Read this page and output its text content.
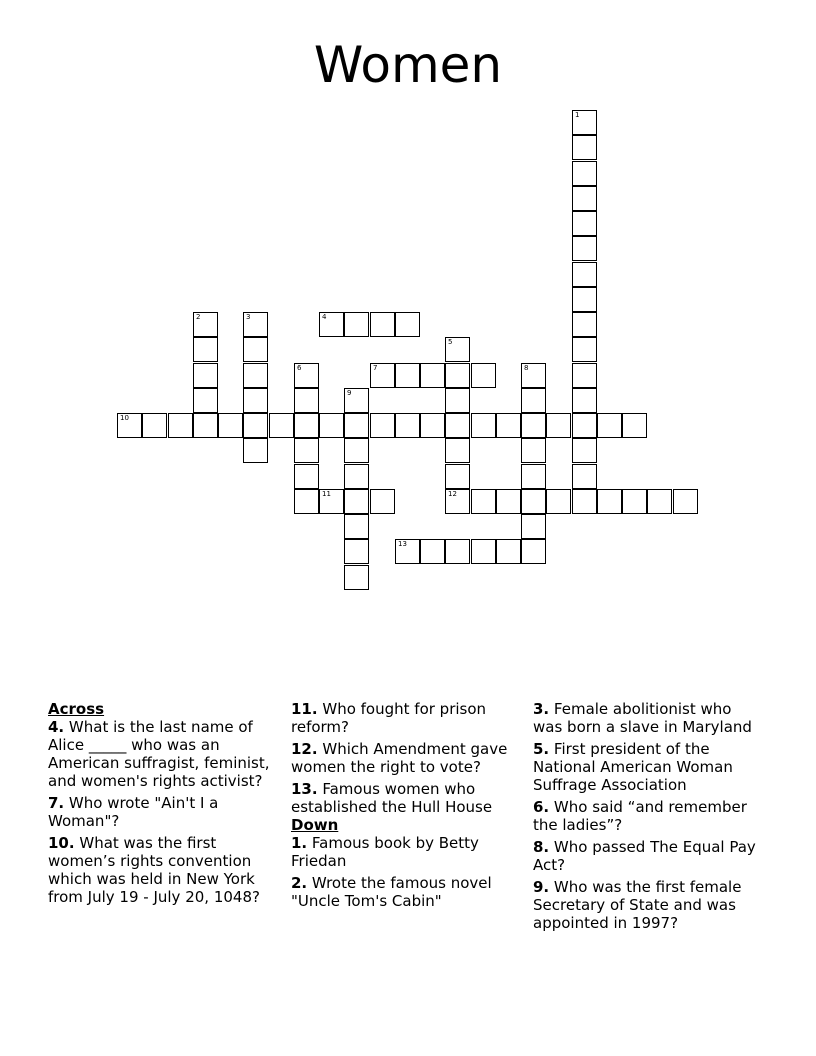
Women
4
7
10
11	12
13
1
2	3
5
6	8
9
Across
4. What is the last name of Alice _____ who was an American suffragist, feminist, and women's rights activist?
7. Who wrote "Ain't I a Woman"?
10. What was the first women’s rights convention which was held in New York from July 19 - July 20, 1048?
11. Who fought for prison reform?
12. Which Amendment gave women the right to vote?
13. Famous women who established the Hull House
Down
1. Famous book by Betty Friedan
2. Wrote the famous novel "Uncle Tom's Cabin"
3. Female abolitionist who was born a slave in Maryland
5. First president of the National American Woman Suffrage Association
6. Who said “and remember the ladies”?
8. Who passed The Equal Pay Act?
9. Who was the first female Secretary of State and was appointed in 1997?
